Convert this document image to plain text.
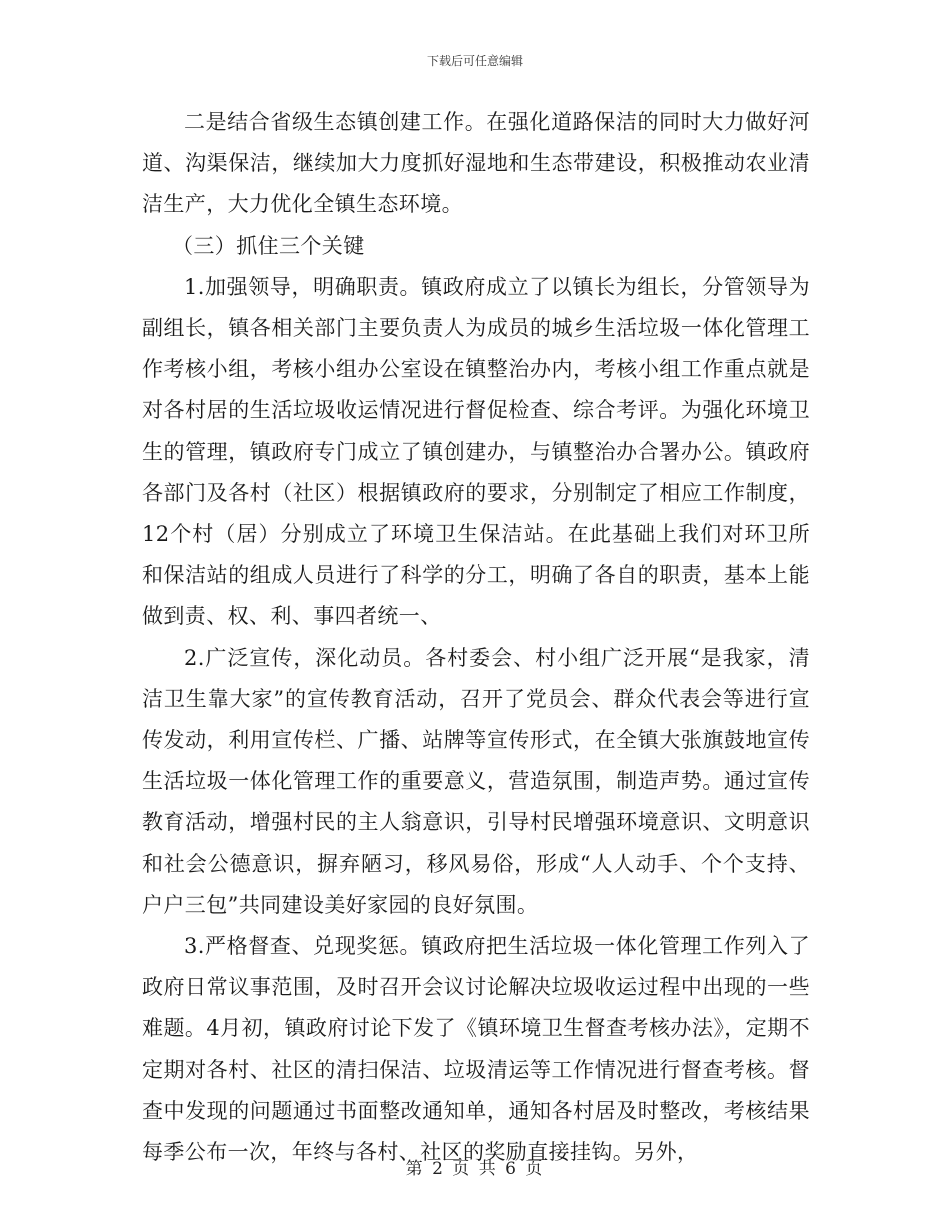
下载后可任意编辑

二是结合省级生态镇创建工作。在强化道路保洁的同时大力做好河道、沟渠保洁，继续加大力度抓好湿地和生态带建设，积极推动农业清洁生产，大力优化全镇生态环境。

（三）抓住三个关键

1.加强领导，明确职责。镇政府成立了以镇长为组长，分管领导为副组长，镇各相关部门主要负责人为成员的城乡生活垃圾一体化管理工作考核小组，考核小组办公室设在镇整治办内，考核小组工作重点就是对各村居的生活垃圾收运情况进行督促检查、综合考评。为强化环境卫生的管理，镇政府专门成立了镇创建办，与镇整治办合署办公。镇政府各部门及各村（社区）根据镇政府的要求，分别制定了相应工作制度，12个村（居）分别成立了环境卫生保洁站。在此基础上我们对环卫所和保洁站的组成人员进行了科学的分工，明确了各自的职责，基本上能做到责、权、利、事四者统一、

2.广泛宣传，深化动员。各村委会、村小组广泛开展“是我家，清洁卫生靠大家”的宣传教育活动，召开了党员会、群众代表会等进行宣传发动，利用宣传栏、广播、站牌等宣传形式，在全镇大张旗鼓地宣传生活垃圾一体化管理工作的重要意义，营造氛围，制造声势。通过宣传教育活动，增强村民的主人翁意识，引导村民增强环境意识、文明意识和社会公德意识，摒弃陋习，移风易俗，形成“人人动手、个个支持、户户三包”共同建设美好家园的良好氛围。

3.严格督查、兑现奖惩。镇政府把生活垃圾一体化管理工作列入了政府日常议事范围，及时召开会议讨论解决垃圾收运过程中出现的一些难题。4月初，镇政府讨论下发了《镇环境卫生督查考核办法》，定期不定期对各村、社区的清扫保洁、垃圾清运等工作情况进行督查考核。督查中发现的问题通过书面整改通知单，通知各村居及时整改，考核结果每季公布一次，年终与各村、社区的奖励直接挂钩。另外，

第 2 页 共 6 页
